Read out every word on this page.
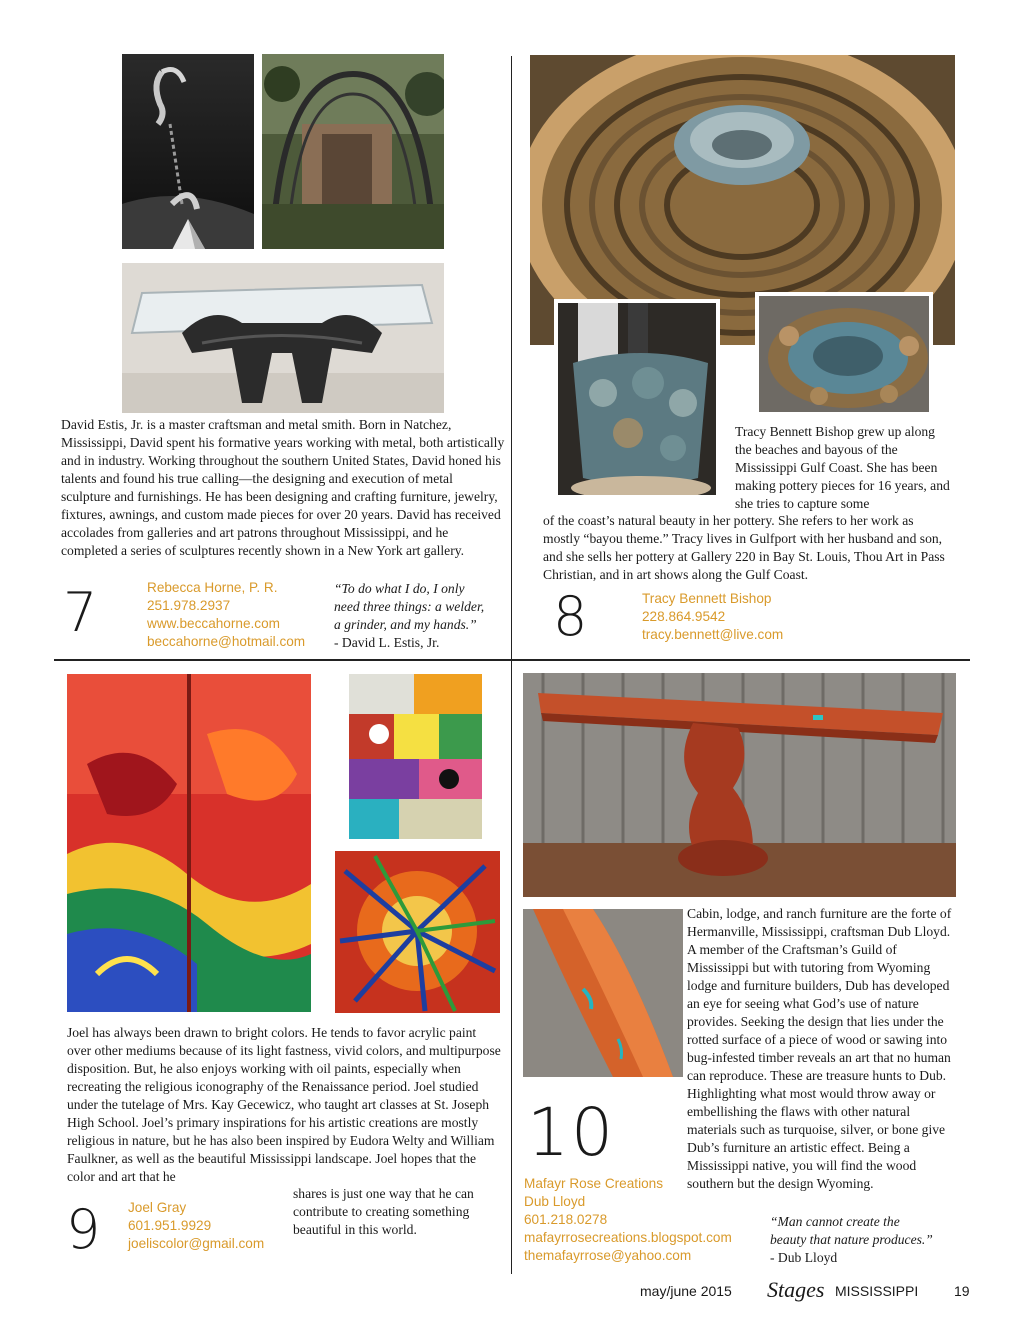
David Estis, Jr. is a master craftsman and metal smith. Born in Natchez, Mississippi, David spent his formative years working with metal, both artistically and in industry. Working throughout the southern United States, David honed his talents and found his true calling—the designing and execution of metal sculpture and furnishings. He has been designing and crafting furniture, jewelry, fixtures, awnings, and custom made pieces for over 20 years. David has received accolades from galleries and art patrons throughout Mississippi, and he completed a series of sculptures recently shown in a New York art gallery.

7	Rebecca Horne, P. R.
251.978.2937
www.beccahorne.com
beccahorne@hotmail.com
“To do what I do, I only
need three things: a welder,
a grinder, and my hands.”
- David L. Estis, Jr.

Tracy Bennett Bishop grew up along the beaches and bayous of the Mississippi Gulf Coast. She has been making pottery pieces for 16 years, and she tries to capture some

of the coast’s natural beauty in her pottery. She refers to her work as mostly “bayou theme.” Tracy lives in Gulfport with her husband and son, and she sells her pottery at Gallery 220 in Bay St. Louis, Thou Art in Pass Christian, and in art shows along the Gulf Coast.

8	Tracy Bennett Bishop
228.864.9542
tracy.bennett@live.com

Joel has always been drawn to bright colors. He tends to favor acrylic paint over other mediums because of its light fastness, vivid colors, and multipurpose disposition. But, he also enjoys working with oil paints, especially when recreating the religious iconography of the Renaissance period. Joel studied under the tutelage of Mrs. Kay Gecewicz, who taught art classes at St. Joseph High School. Joel’s primary inspirations for his artistic creations are mostly religious in nature, but he has also been inspired by Eudora Welty and William Faulkner, as well as the beautiful Mississippi landscape. Joel hopes that the color and art that he

shares is just one way that he can contribute to creating something beautiful in this world.

9 Joel Gray
601.951.9929
joeliscolor@gmail.com

Cabin, lodge, and ranch furniture are the forte of Hermanville, Mississippi, craftsman Dub Lloyd. A member of the Craftsman’s Guild of Mississippi but with tutoring from Wyoming lodge and furniture builders, Dub has developed an eye for seeing what God’s use of nature provides. Seeking the design that lies under the rotted surface of a piece of wood or sawing into bug-infested timber reveals an art that no human can reproduce. These are treasure hunts to Dub. Highlighting what most would throw away or embellishing the flaws with other natural materials such as turquoise, silver, or bone give Dub’s furniture an artistic effect. Being a Mississippi native, you will find the wood southern but the design Wyoming.

10
Mafayr Rose Creations
Dub Lloyd
601.218.0278
mafayrrosecreations.blogspot.com
themafayrrose@yahoo.com
“Man cannot create the
beauty that nature produces.”
- Dub Lloyd
may/june 2015 Stages MISSISSIPPI	19
